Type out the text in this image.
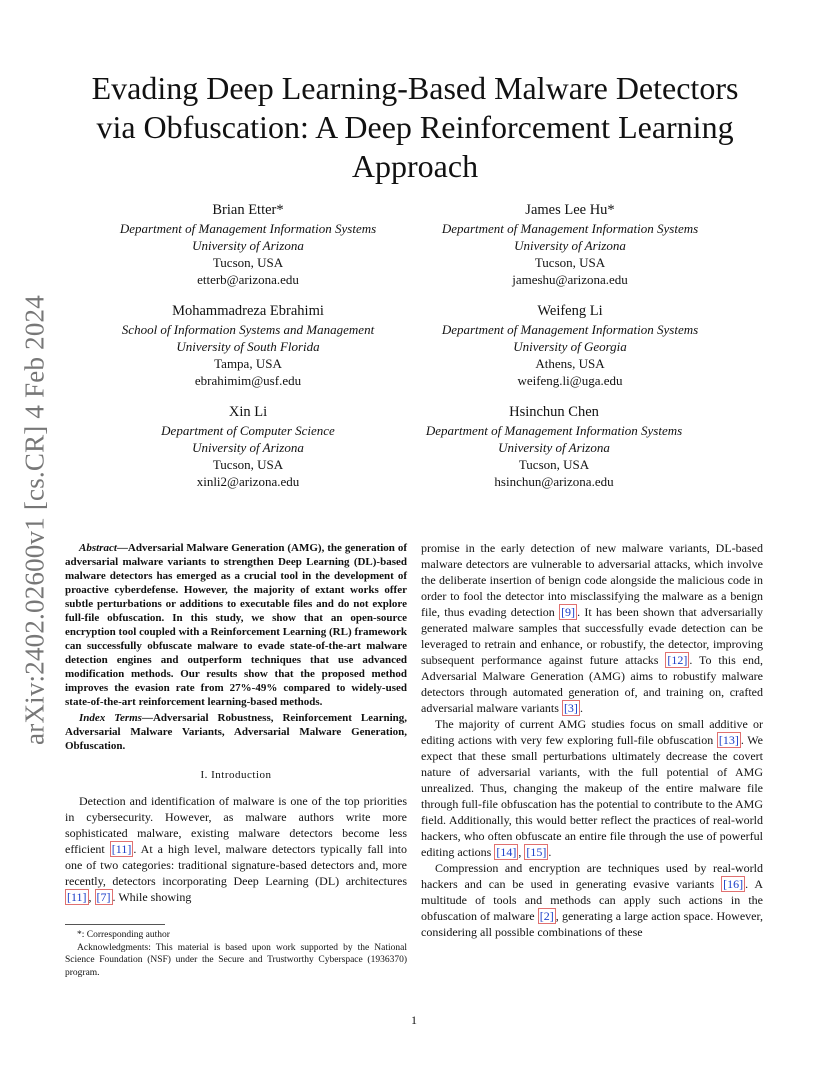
arXiv:2402.02600v1 [cs.CR] 4 Feb 2024
Evading Deep Learning-Based Malware Detectors
via Obfuscation: A Deep Reinforcement Learning
Approach
Brian Etter*
Department of Management Information Systems
University of Arizona
Tucson, USA
etterb@arizona.edu
James Lee Hu*
Department of Management Information Systems
University of Arizona
Tucson, USA
jameshu@arizona.edu
Mohammadreza Ebrahimi
School of Information Systems and Management
University of South Florida
Tampa, USA
ebrahimim@usf.edu
Weifeng Li
Department of Management Information Systems
University of Georgia
Athens, USA
weifeng.li@uga.edu
Xin Li
Department of Computer Science
University of Arizona
Tucson, USA
xinli2@arizona.edu
Hsinchun Chen
Department of Management Information Systems
University of Arizona
Tucson, USA
hsinchun@arizona.edu

Abstract—Adversarial Malware Generation (AMG), the generation of adversarial malware variants to strengthen Deep Learning (DL)-based malware detectors has emerged as a crucial tool in the development of proactive cyberdefense. However, the majority of extant works offer subtle perturbations or additions to executable files and do not explore full-file obfuscation. In this study, we show that an open-source encryption tool coupled with a Reinforcement Learning (RL) framework can successfully obfuscate malware to evade state-of-the-art malware detection engines and outperform techniques that use advanced modification methods. Our results show that the proposed method improves the evasion rate from 27%-49% compared to widely-used state-of-the-art reinforcement learning-based methods.

Index Terms—Adversarial Robustness, Reinforcement Learning, Adversarial Malware Variants, Adversarial Malware Generation, Obfuscation.

I. Introduction

Detection and identification of malware is one of the top priorities in cybersecurity. However, as malware authors write more sophisticated malware, existing malware detectors become less efficient [11] . At a high level, malware detectors typically fall into one of two categories: traditional signature-based detectors and, more recently, detectors incorporating Deep Learning (DL) architectures [11] , [7] . While showing

*: Corresponding author

Acknowledgments: This material is based upon work supported by the National Science Foundation (NSF) under the Secure and Trustworthy Cyberspace (1936370) program.

promise in the early detection of new malware variants, DL-based malware detectors are vulnerable to adversarial attacks, which involve the deliberate insertion of benign code alongside the malicious code in order to fool the detector into misclassifying the malware as a benign file, thus evading detection [9] . It has been shown that adversarially generated malware samples that successfully evade detection can be leveraged to retrain and enhance, or robustify, the detector, improving subsequent performance against future attacks [12] . To this end, Adversarial Malware Generation (AMG) aims to robustify malware detectors through automated generation of, and training on, crafted adversarial malware variants [3] .

The majority of current AMG studies focus on small additive or editing actions with very few exploring full-file obfuscation [13] . We expect that these small perturbations ultimately decrease the covert nature of adversarial variants, with the full potential of AMG unrealized. Thus, changing the makeup of the entire malware file through full-file obfuscation has the potential to contribute to the AMG field. Additionally, this would better reflect the practices of real-world hackers, who often obfuscate an entire file through the use of powerful editing actions [14] , [15] .

Compression and encryption are techniques used by real-world hackers and can be used in generating evasive variants [16] . A multitude of tools and methods can apply such actions in the obfuscation of malware [2] , generating a large action space. However, considering all possible combinations of these

1
